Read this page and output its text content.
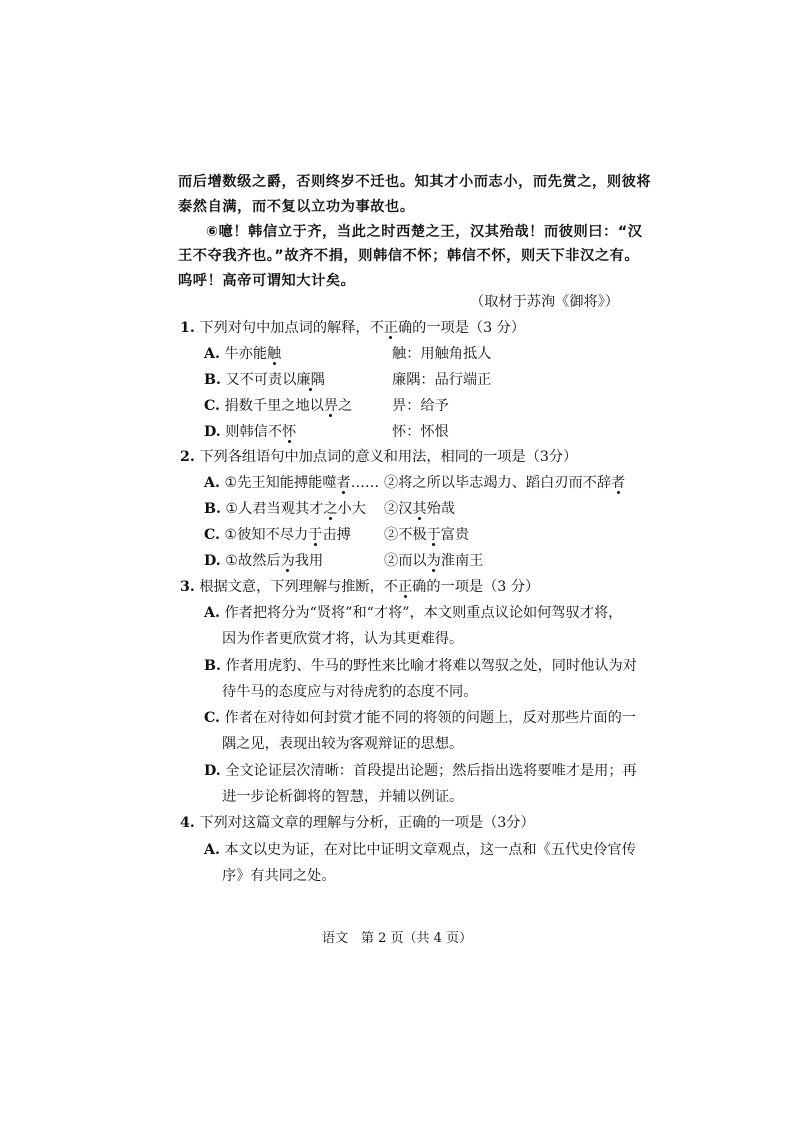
而后增数级之爵，否则终岁不迁也。知其才小而志小，而先赏之，则彼将
泰然自满，而不复以立功为事故也。
⑥噫！韩信立于齐，当此之时西楚之王，汉其殆哉！而彼则曰：“汉
王不夺我齐也。”故齐不捐，则韩信不怀；韩信不怀，则天下非汉之有。
呜呼！高帝可谓知大计矣。
（取材于苏洵《御将》）
1. 下列对句中加点词的解释，不正确的一项是（3 分）
A. 牛亦能触	触：用触角抵人
B. 又不可责以廉隅	廉隅：品行端正
C. 捐数千里之地以畀之	畀：给予
D. 则韩信不怀	怀：怀恨
2. 下列各组语句中加点词的意义和用法，相同的一项是（3分）
A. ①先王知能搏能噬者…… ②将之所以毕志竭力、蹈白刃而不辞者
B. ①人君当观其才之小大 ②汉其殆哉
C. ①彼知不尽力于击搏 ②不极于富贵
D. ①故然后为我用	②而以为淮南王
3. 根据文意，下列理解与推断，不正确的一项是（3 分）
A. 作者把将分为“贤将”和“才将”，本文则重点议论如何驾驭才将，
因为作者更欣赏才将，认为其更难得。
B. 作者用虎豹、牛马的野性来比喻才将难以驾驭之处，同时他认为对
待牛马的态度应与对待虎豹的态度不同。
C. 作者在对待如何封赏才能不同的将领的问题上，反对那些片面的一
隅之见，表现出较为客观辩证的思想。
D. 全文论证层次清晰：首段提出论题；然后指出选将要唯才是用；再
进一步论析御将的智慧，并辅以例证。
4. 下列对这篇文章的理解与分析，正确的一项是（3分）
A. 本文以史为证，在对比中证明文章观点，这一点和《五代史伶官传
序》有共同之处。
语文　第 2 页（共 4 页）
